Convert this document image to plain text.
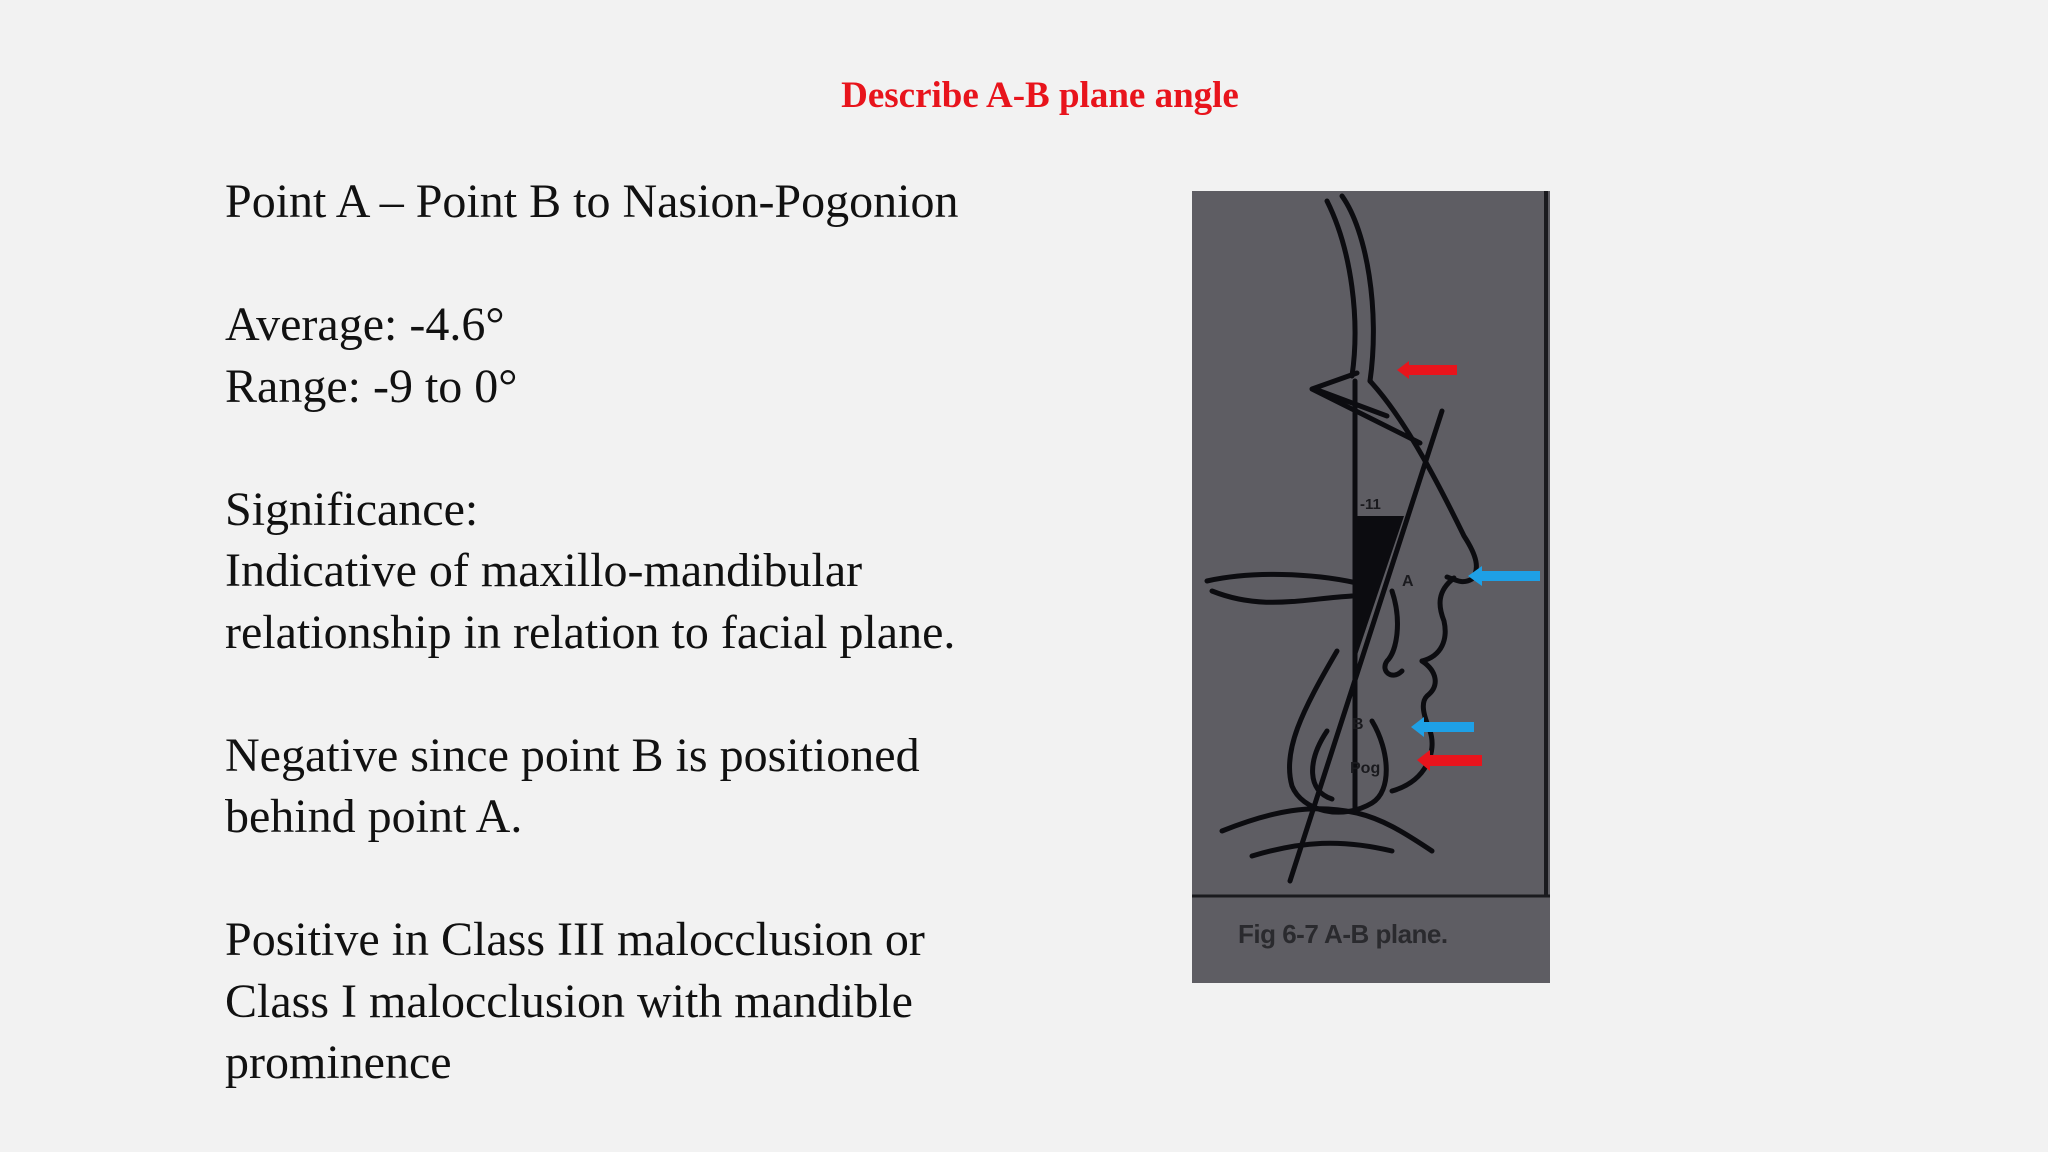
Describe A-B plane angle

Point A – Point B to Nasion-Pogonion

Average: -4.6°

Range: -9 to 0°

Significance:

Indicative of maxillo-mandibular

relationship in relation to facial plane.

Negative since point B is positioned

behind point A.

Positive in Class III malocclusion or

Class I malocclusion with mandible

prominence

-11
A
B
Pog
Fig 6-7 A-B plane.
